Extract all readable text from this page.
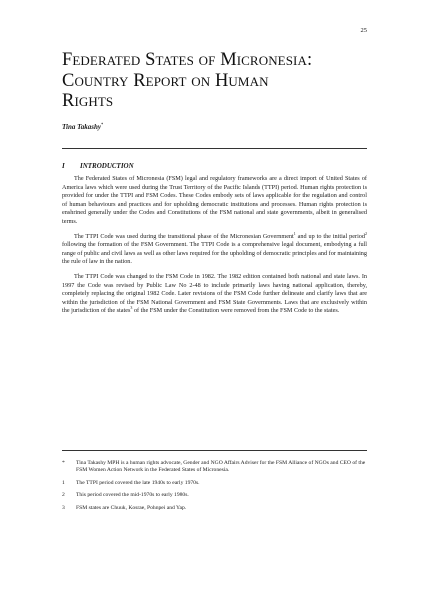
25
Federated States of Micronesia:
Country Report on Human
Rights
Tina Takashy*
I INTRODUCTION

The Federated States of Micronesia (FSM) legal and regulatory frameworks are a direct import of United States of America laws which were used during the Trust Territory of the Pacific Islands (TTPI) period. Human rights protection is provided for under the TTPI and FSM Codes. These Codes embody sets of laws applicable for the regulation and control of human behaviours and practices and for upholding democratic institutions and processes. Human rights protection is enshrined generally under the Codes and Constitutions of the FSM national and state governments, albeit in generalised terms.

The TTPI Code was used during the transitional phase of the Micronesian Government$^1$ and up to the initial period$^2$ following the formation of the FSM Government. The TTPI Code is a comprehensive legal document, embodying a full range of public and civil laws as well as other laws required for the upholding of democratic principles and for maintaining the rule of law in the nation.

The TTPI Code was changed to the FSM Code in 1982. The 1982 edition contained both national and state laws. In 1997 the Code was revised by Public Law No 2-48 to include primarily laws having national application, thereby, completely replacing the original 1982 Code. Later revisions of the FSM Code further delineate and clarify laws that are within the jurisdiction of the FSM National Government and FSM State Governments. Laws that are exclusively within the jurisdiction of the states$^3$ of the FSM under the Constitution were removed from the FSM Code to the states.

*	Tina Takashy MPH is a human rights advocate, Gender and NGO Affairs Adviser for the FSM Alliance of NGOs and CEO of the FSM Women Action Network in the Federated States of Micronesia.
1	The TTPI period covered the late 1940s to early 1970s.
2	This period covered the mid-1970s to early 1980s.
3	FSM states are Chuuk, Kosrae, Pohnpei and Yap.
